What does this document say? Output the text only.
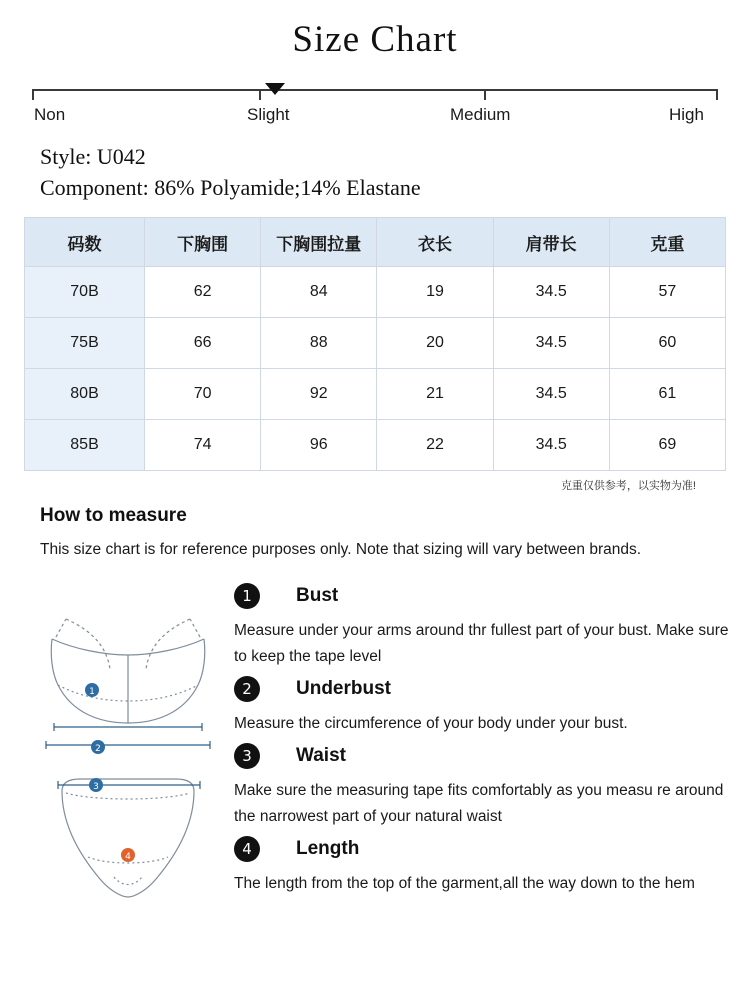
Size Chart
Non	Slight	Medium	High
Style: U042
Component: 86% Polyamide;14% Elastane
码数	下胸围	下胸围拉量	衣长	肩带长	克重
70B	62	84	19	34.5	57
75B	66	88	20	34.5	60
80B	70	92	21	34.5	61
85B	74	96	22	34.5	69
克重仅供参考，以实物为准!
How to measure
This size chart is for reference purposes only. Note that sizing will vary between brands.
1
2
3
4
1	Bust
Measure under your arms around thr fullest part of your bust. Make sure to keep the tape level
2	Underbust
Measure the circumference of your body under your bust.
3	Waist
Make sure the measuring tape fits comfortably as you measu re around the narrowest part of your natural waist
4	Length
The length from the top of the garment,all the way down to the hem
